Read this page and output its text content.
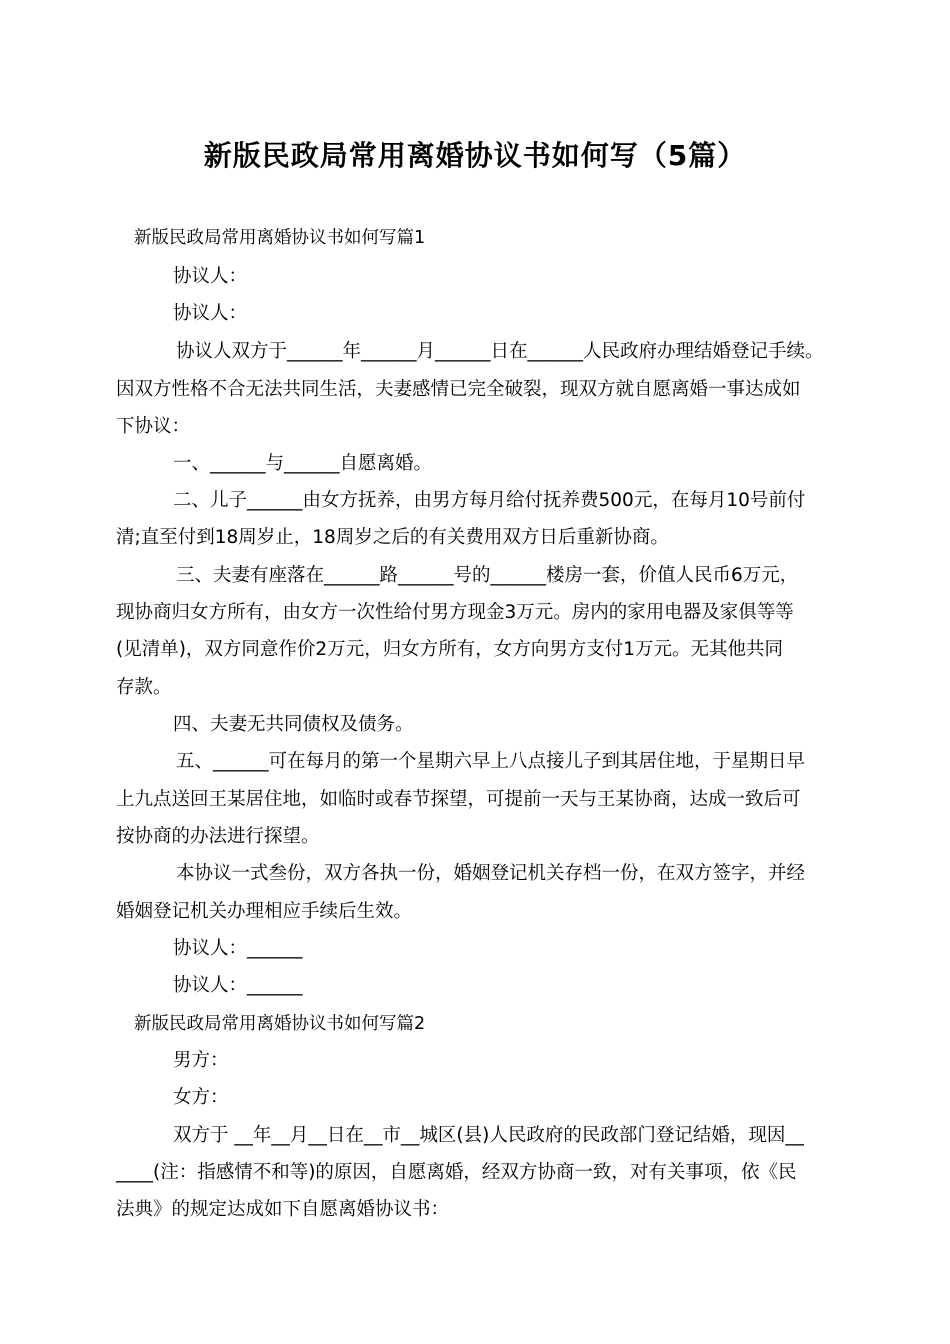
新版民政局常用离婚协议书如何写（5篇）
新版民政局常用离婚协议书如何写篇1
协议人：
协议人：
协议人双方于______年______月______日在______人民政府办理结婚登记手续。
因双方性格不合无法共同生活，夫妻感情已完全破裂，现双方就自愿离婚一事达成如
下协议：
一、______与______自愿离婚。
二、儿子______由女方抚养，由男方每月给付抚养费500元，在每月10号前付
清;直至付到18周岁止，18周岁之后的有关费用双方日后重新协商。
三、夫妻有座落在______路______号的______楼房一套，价值人民币6万元，
现协商归女方所有，由女方一次性给付男方现金3万元。房内的家用电器及家俱等等
(见清单)，双方同意作价2万元，归女方所有，女方向男方支付1万元。无其他共同
存款。
四、夫妻无共同债权及债务。
五、______可在每月的第一个星期六早上八点接儿子到其居住地，于星期日早
上九点送回王某居住地，如临时或春节探望，可提前一天与王某协商，达成一致后可
按协商的办法进行探望。
本协议一式叁份，双方各执一份，婚姻登记机关存档一份，在双方签字，并经
婚姻登记机关办理相应手续后生效。
协议人：______
协议人：______
新版民政局常用离婚协议书如何写篇2
男方：
女方：
双方于 __年__月__日在__市__城区(县)人民政府的民政部门登记结婚，现因__
____(注：指感情不和等)的原因，自愿离婚，经双方协商一致，对有关事项，依《民
法典》的规定达成如下自愿离婚协议书：
